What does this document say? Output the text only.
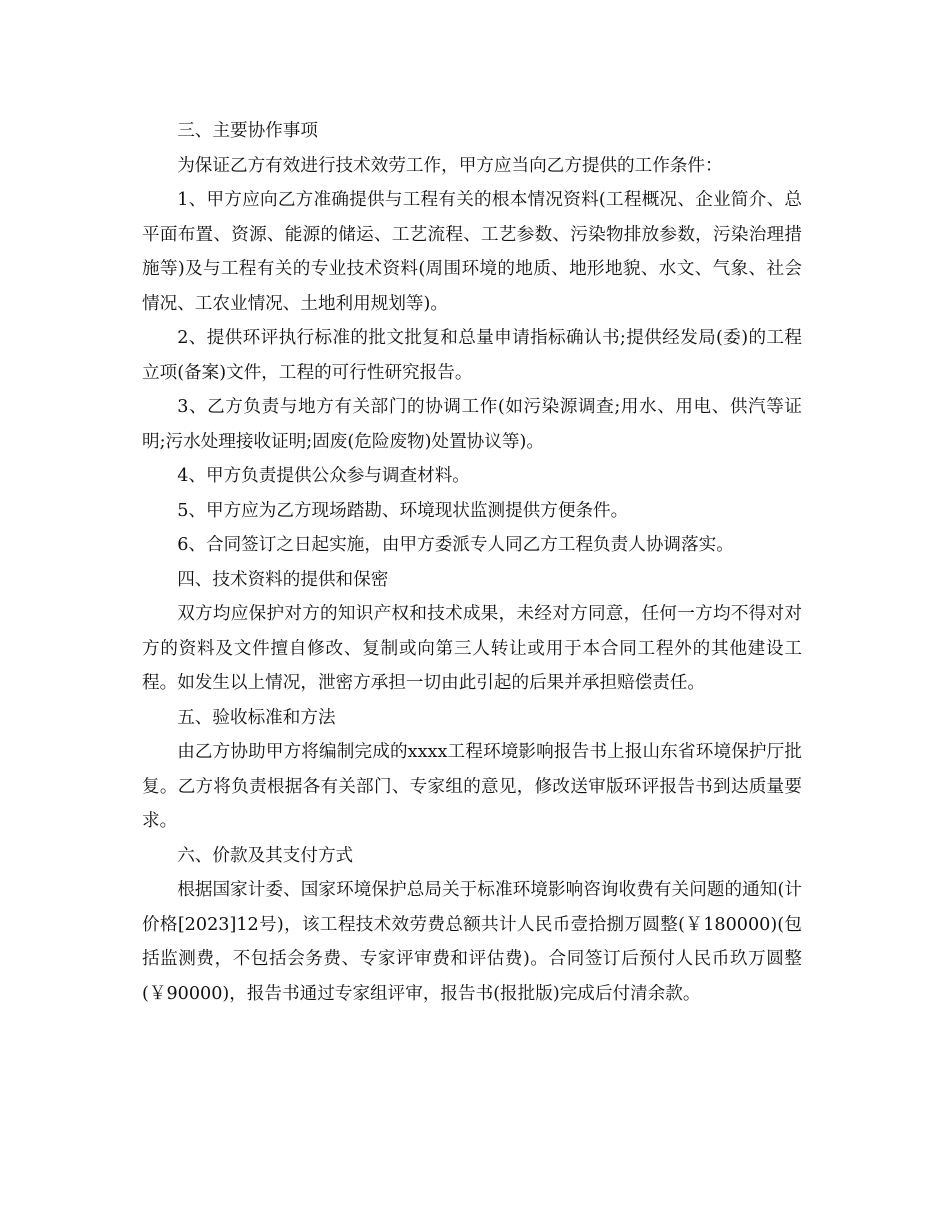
三、主要协作事项

为保证乙方有效进行技术效劳工作，甲方应当向乙方提供的工作条件：

1、甲方应向乙方准确提供与工程有关的根本情况资料(工程概况、企业简介、总平面布置、资源、能源的储运、工艺流程、工艺参数、污染物排放参数，污染治理措施等)及与工程有关的专业技术资料(周围环境的地质、地形地貌、水文、气象、社会情况、工农业情况、土地利用规划等)。

2、提供环评执行标准的批文批复和总量申请指标确认书;提供经发局(委)的工程立项(备案)文件，工程的可行性研究报告。

3、乙方负责与地方有关部门的协调工作(如污染源调查;用水、用电、供汽等证明;污水处理接收证明;固废(危险废物)处置协议等)。

4、甲方负责提供公众参与调查材料。

5、甲方应为乙方现场踏勘、环境现状监测提供方便条件。

6、合同签订之日起实施，由甲方委派专人同乙方工程负责人协调落实。

四、技术资料的提供和保密

双方均应保护对方的知识产权和技术成果，未经对方同意，任何一方均不得对对方的资料及文件擅自修改、复制或向第三人转让或用于本合同工程外的其他建设工程。如发生以上情况，泄密方承担一切由此引起的后果并承担赔偿责任。

五、验收标准和方法

由乙方协助甲方将编制完成的xxxx工程环境影响报告书上报山东省环境保护厅批复。乙方将负责根据各有关部门、专家组的意见，修改送审版环评报告书到达质量要求。

六、价款及其支付方式

根据国家计委、国家环境保护总局关于标准环境影响咨询收费有关问题的通知(计价格[2023]12号)，该工程技术效劳费总额共计人民币壹拾捌万圆整(￥180000)(包括监测费，不包括会务费、专家评审费和评估费)。合同签订后预付人民币玖万圆整(￥90000)，报告书通过专家组评审，报告书(报批版)完成后付清余款。
